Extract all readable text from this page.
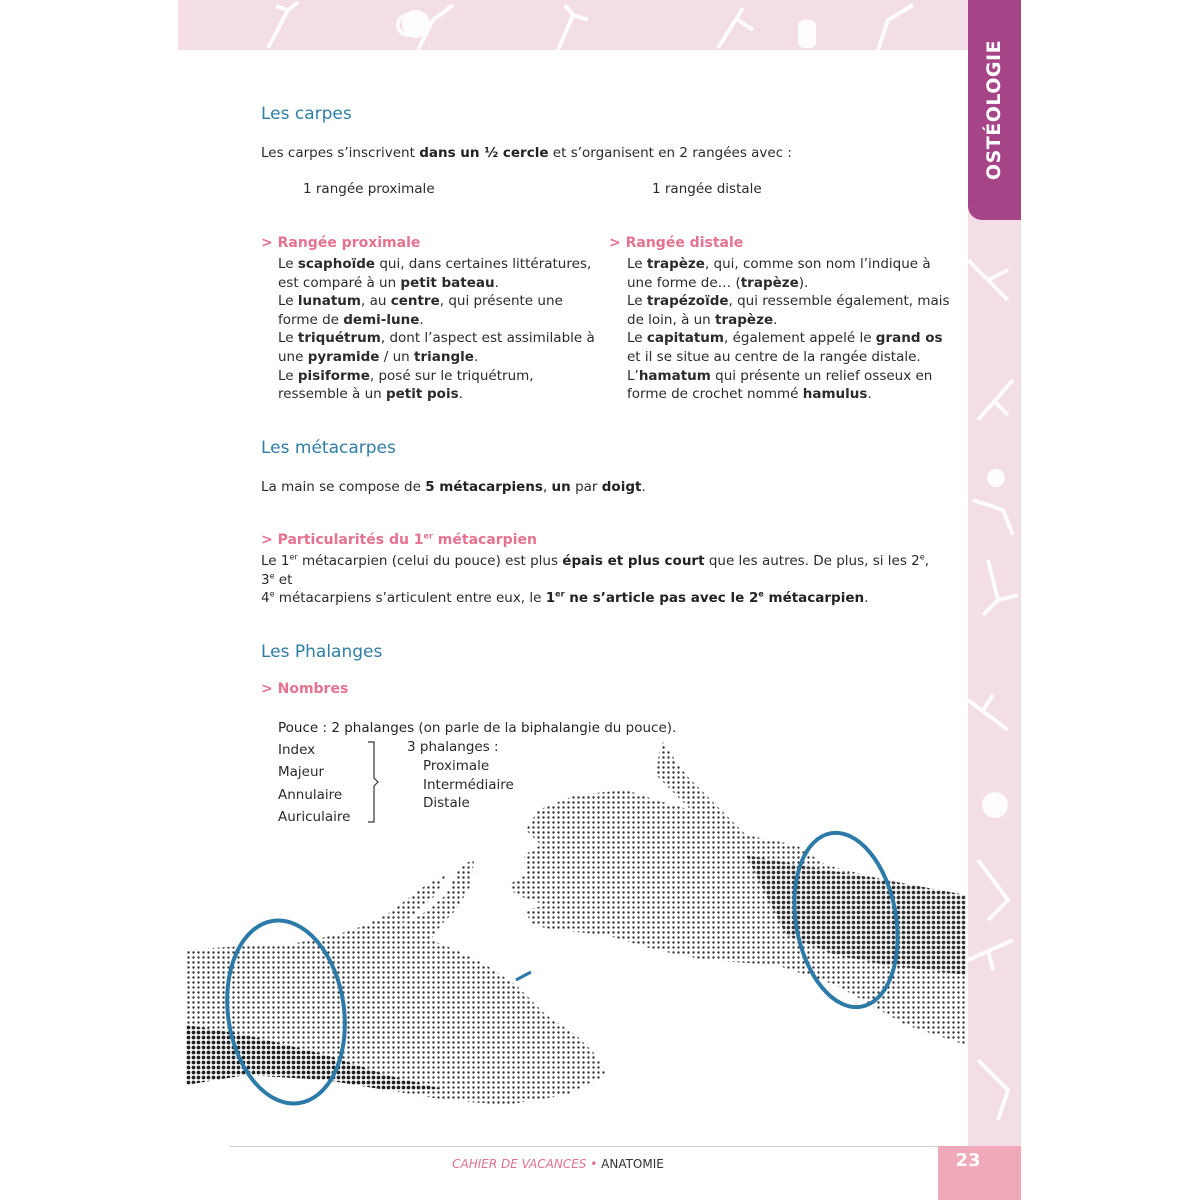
OSTÉOLOGIE
Les carpes

Les carpes s’inscrivent dans un ½ cercle et s’organisent en 2 rangées avec :

1 rangée proximale	1 rangée distale
> Rangée proximale
Le scaphoïde qui, dans certaines littératures,
est comparé à un petit bateau.
Le lunatum, au centre, qui présente une
forme de demi-lune.
Le triquétrum, dont l’aspect est assimilable à
une pyramide / un triangle.
Le pisiforme, posé sur le triquétrum,
ressemble à un petit pois.
> Rangée distale
Le trapèze, qui, comme son nom l’indique à
une forme de… (trapèze).
Le trapézoïde, qui ressemble également, mais
de loin, à un trapèze.
Le capitatum, également appelé le grand os
et il se situe au centre de la rangée distale.
L’hamatum qui présente un relief osseux en
forme de crochet nommé hamulus.
Les métacarpes

La main se compose de 5 métacarpiens, un par doigt.

> Particularités du 1er métacarpien

Le 1er métacarpien (celui du pouce) est plus épais et plus court que les autres. De plus, si les 2e, 3e et
4e métacarpiens s’articulent entre eux, le 1er ne s’article pas avec le 2e métacarpien.

Les Phalanges
> Nombres

Pouce : 2 phalanges (on parle de la biphalangie du pouce).

Index
Majeur
Annulaire
Auriculaire
3 phalanges :
Proximale
Intermédiaire
Distale
CAHIER DE VACANCES • ANATOMIE	23
